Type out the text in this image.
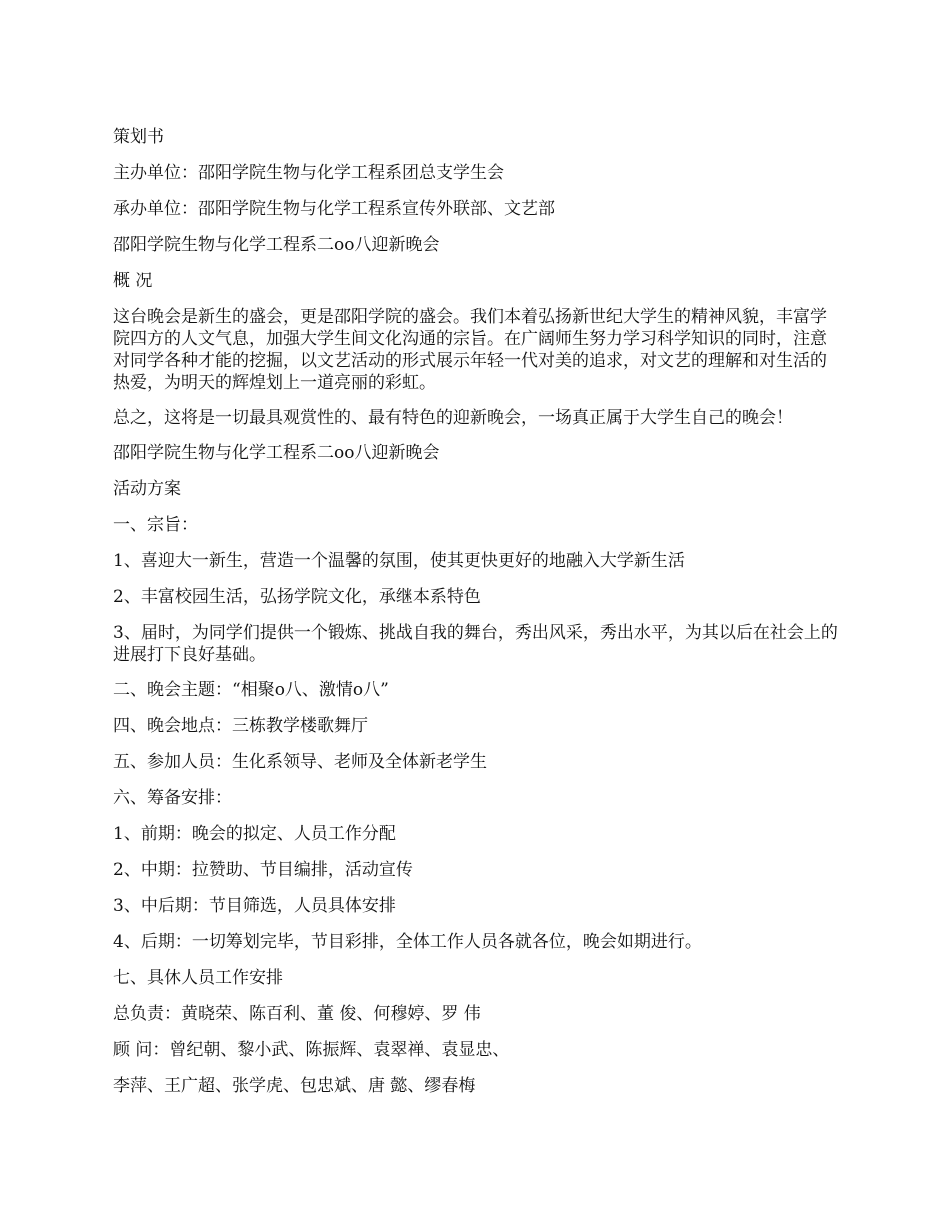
策划书

主办单位：邵阳学院生物与化学工程系团总支学生会

承办单位：邵阳学院生物与化学工程系宣传外联部、文艺部

邵阳学院生物与化学工程系二oo八迎新晚会

概 况

这台晚会是新生的盛会，更是邵阳学院的盛会。我们本着弘扬新世纪大学生的精神风貌，丰富学院四方的人文气息，加强大学生间文化沟通的宗旨。在广阔师生努力学习科学知识的同时，注意对同学各种才能的挖掘，以文艺活动的形式展示年轻一代对美的追求，对文艺的理解和对生活的热爱，为明天的辉煌划上一道亮丽的彩虹。

总之，这将是一切最具观赏性的、最有特色的迎新晚会，一场真正属于大学生自己的晚会！

邵阳学院生物与化学工程系二oo八迎新晚会

活动方案

一、宗旨：

1、喜迎大一新生，营造一个温馨的氛围，使其更快更好的地融入大学新生活

2、丰富校园生活，弘扬学院文化，承继本系特色

3、届时，为同学们提供一个锻炼、挑战自我的舞台，秀出风采，秀出水平，为其以后在社会上的进展打下良好基础。

二、晚会主题：“相聚o八、激情o八”

四、晚会地点：三栋教学楼歌舞厅

五、参加人员：生化系领导、老师及全体新老学生

六、筹备安排：

1、前期：晚会的拟定、人员工作分配

2、中期：拉赞助、节目编排，活动宣传

3、中后期：节目筛选，人员具体安排

4、后期：一切筹划完毕，节目彩排，全体工作人员各就各位，晚会如期进行。

七、具休人员工作安排

总负责：黄晓荣、陈百利、董 俊、何穆婷、罗 伟

顾 问：曾纪朝、黎小武、陈振辉、袁翠禅、袁显忠、

李萍、王广超、张学虎、包忠斌、唐 懿、缪春梅
